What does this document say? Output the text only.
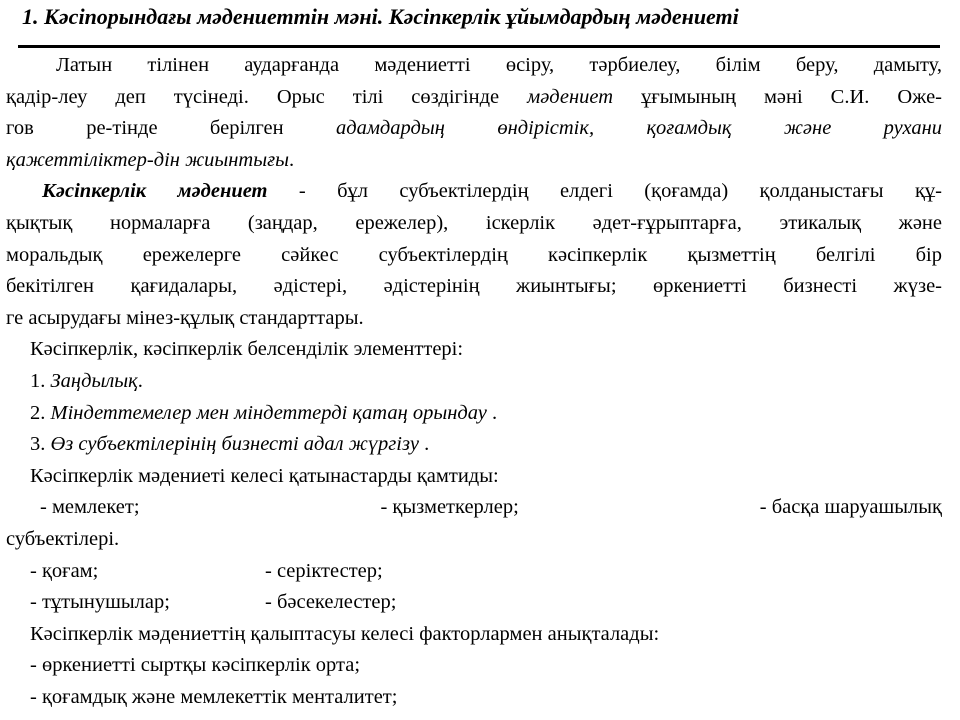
1. Кәсіпорындағы мәдениеттін мәні. Кәсіпкерлік ұйымдардың мәдениеті
Латын тілінен аударғанда мәдениетті өсіру, тәрбиелеу, білім беру, дамыту,
қадір-леу деп түсінеді. Орыс тілі сөздігінде мәдениет ұғымының мәні С.И. Оже-
гов ре-тінде берілген адамдардың өндірістік, қоғамдық және рухани
қажеттіліктер-дін жиынтығы.
Кәсіпкерлік мәдениет - бұл субъектілердің елдегі (қоғамда) қолданыстағы құ-
қықтық нормаларға (заңдар, ережелер), іскерлік әдет-ғұрыптарға, этикалық және
моральдық ережелерге сәйкес субъектілердің кәсіпкерлік қызметтің белгілі бір
бекітілген қағидалары, әдістері, әдістерінің жиынтығы; өркениетті бизнесті жүзе-
ге асырудағы мінез-құлық стандарттары.
Кәсіпкерлік, кәсіпкерлік белсенділік элементтері:
1. Заңдылық.
2. Міндеттемелер мен міндеттерді қатаң орындау .
3. Өз субъектілерінің бизнесті адал жүргізу .
Кәсіпкерлік мәдениеті келесі қатынастарды қамтиды:
- мемлекет;	- қызметкерлер;	- басқа шаруашылық
субъектілері.
- қоғам;	- серіктестер;
- тұтынушылар;	- бәсекелестер;
Кәсіпкерлік мәдениеттің қалыптасуы келесі факторлармен анықталады:
- өркениетті сыртқы кәсіпкерлік орта;
- қоғамдық және мемлекеттік менталитет;
